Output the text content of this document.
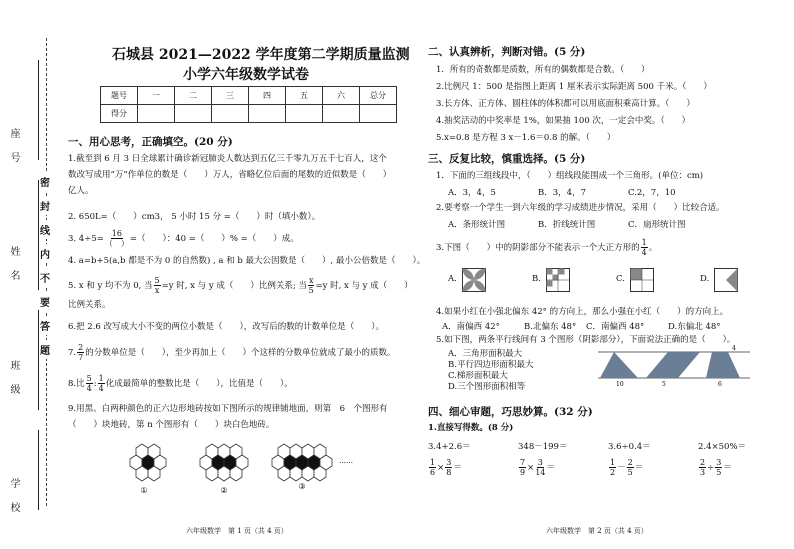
座　号
姓　名
班　级
学　校
密
封
线
内
不
要
答
题
石城县 2021—2022 学年度第二学期质量监测
小学六年级数学试卷
题号	一	二	三	四	五	六	总分
得分							
一、用心思考，正确填空。(20 分)
1.截至到 6 月 3 日全球累计确诊新冠肺炎人数达到五亿三千零九万五千七百人，这个
数改写成用“万”作单位的数是（　　）万人，省略亿位后面的尾数的近似数是（　　）
亿人。
2. 650L=（　　）cm3， 5 小时 15 分 =（　　）时（填小数）。
3. $4\div 5= \frac{16}{( )}$ =（　　）：40 =（　　）% =（　　）成。
4. a=b+5(a,b 都是不为 0 的自然数) , a 和 b 最大公因数是（　　）, 最小公倍数是（　　）。
5. x 和 y 均不为 0, 当 $\frac{5}{x} =y$ 时, x 与 y 成（　　）比例关系; 当 $\frac{x}{5} =y$ 时, x 与 y 成（　　）
比例关系。
6.把 2.6 改写成大小不变的两位小数是（　　），改写后的数的计数单位是（　　）。
7. $\frac{2}{7}$ 的分数单位是（　　），至少再加上（　　）个这样的分数单位就成了最小的质数。
8.比 $\frac{5}{4}$ : $\frac{1}{4}$ 化成最简单的整数比是（　　），比值是（　　）。
9.用黑、白两种颜色的正六边形地砖按如下图所示的规律铺地面，则第　6　个图形有
（　　）块地砖，第 n 个图形有（　　）块白色地砖。
①	②	③
……
六年级数学　第 1 页（共 4 页）
二、认真辨析，判断对错。(5 分)
1．所有的奇数都是质数，所有的偶数都是合数。（　　）
2.比例尺 1：500 是指图上距离 1 厘米表示实际距离 500 千米。（　　）
3.长方体、正方体、圆柱体的体积都可以用底面积乘高计算。（　　）
4.抽奖活动的中奖率是 1%，如果抽 100 次，一定会中奖。（　　）
5.x=0.8 是方程 3 x－1.6＝0.8 的解。（　　）
三、反复比较，慎重选择。(5 分)
1．下面的三组线段中，（　　）组线段能围成一个三角形。(单位：cm)
A．3，4，5	B．3，4，7	C.2，7，10
2.要考察一个学生一到六年级的学习成绩进步情况，采用（　　）比较合适。
A．条形统计图	B．折线统计图	C．扇形统计图
3.下图（　　）中的阴影部分不能表示一个大正方形的 $\frac{1}{4}$ 。
A.	B.	C.	D.
4.如果小红在小强北偏东 42° 的方向上，那么小强在小红（　　）的方向上。
A．南偏西 42°	B.北偏东 48° C．南偏西 48°	D.东偏北 48°
5.如下图，两条平行线间有 3 个图形（阴影部分），下面说法正确的是（　　）。
A．三角形面积最大
B.平行四边形面积最大
C.梯形面积最大
D.三个图形面积相等
4
10	5	6
四、细心审题，巧思妙算。(32 分)
1.直接写得数。(8 分)
3.4+2.6＝	348－199＝	3.6÷0.4＝	2.4×50%＝
$\frac{1}{6} \times \frac{3}{8}$ ＝	$\frac{7}{9} \times \frac{3}{14}$ ＝	$\frac{1}{2} - \frac{2}{5}$ ＝	$\frac{2}{3} \div \frac{3}{5}$ ＝
六年级数学　第 2 页（共 4 页）
